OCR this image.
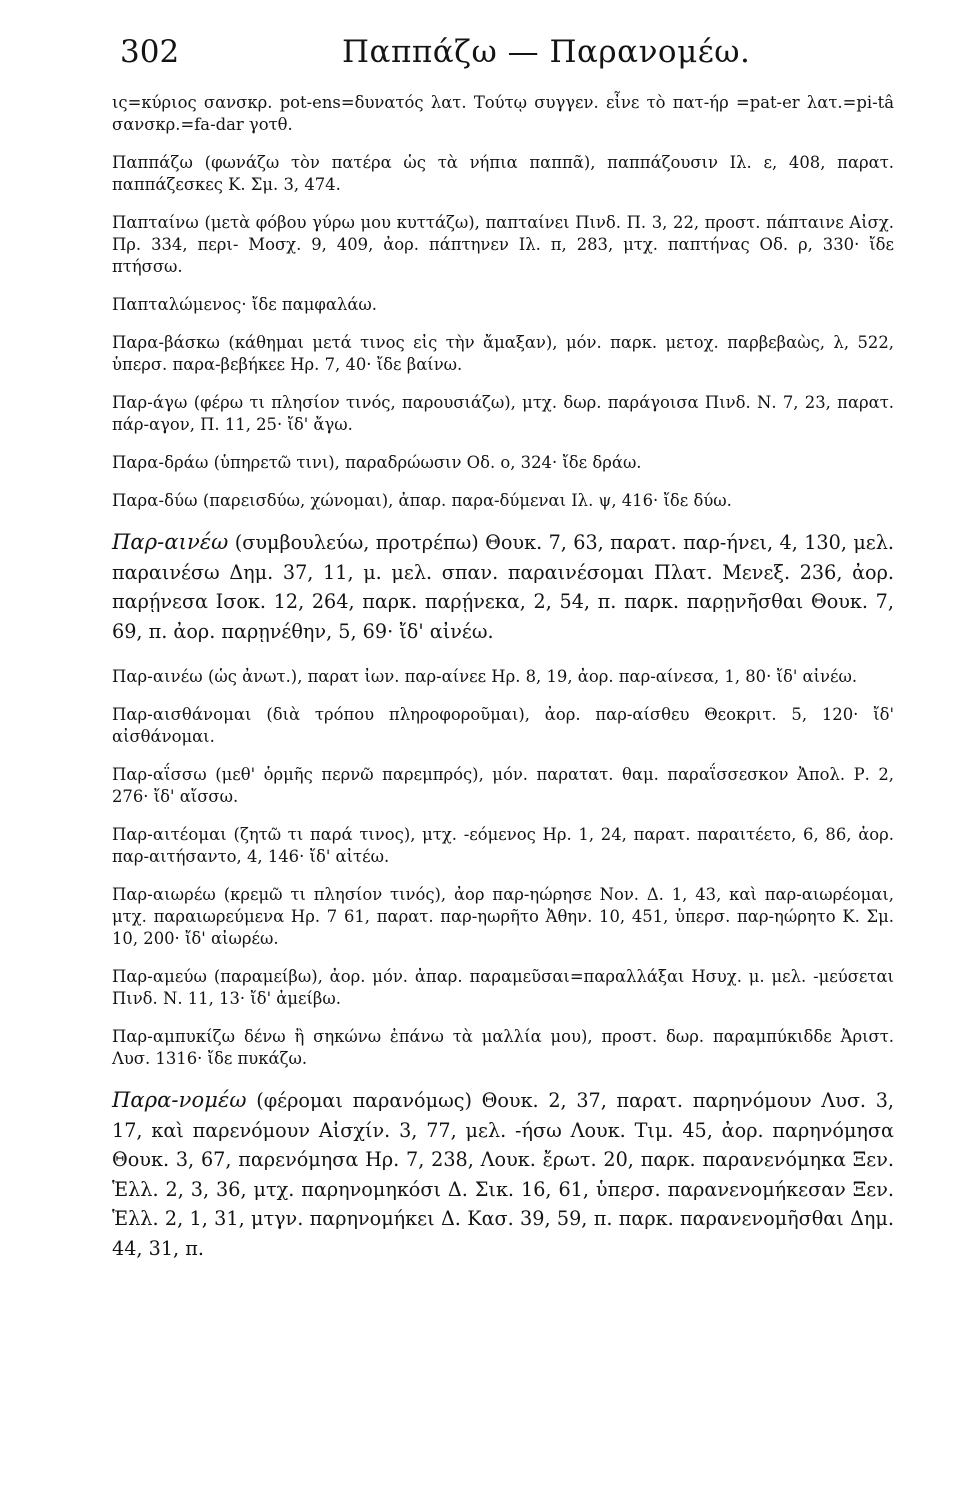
302	Παππάζω — Παρανομέω.

ις=κύριος σανσκρ. pot-ens=δυνατός λατ. Τούτῳ συγγεν. εἶνε τὸ πατ-ήρ =pat-er λατ.=pi-tâ σανσκρ.=fa-dar γοτθ.

Παππάζω (φωνάζω τὸν πατέρα ὡς τὰ νήπια παππᾶ), παππάζουσιν Ιλ. ε, 408, παρατ. παππάζεσκες Κ. Σμ. 3, 474.

Παπταίνω (μετὰ φόβου γύρω μου κυττάζω), παπταίνει Πινδ. Π. 3, 22, προστ. πάπταινε Αἰσχ. Πρ. 334, περι- Μοσχ. 9, 409, ἀορ. πάπτηνεν Ιλ. π, 283, μτχ. παπτήνας Οδ. ρ, 330· ἴδε πτήσσω.

Παπταλώμενος· ἴδε παμφαλάω.

Παρα-βάσκω (κάθημαι μετά τινος εἰς τὴν ἄμαξαν), μόν. παρκ. μετοχ. παρβεβαὼς, λ, 522, ὑπερσ. παρα-βεβήκεε Ηρ. 7, 40· ἴδε βαίνω.

Παρ-άγω (φέρω τι πλησίον τινός, παρουσιάζω), μτχ. δωρ. παράγοισα Πινδ. Ν. 7, 23, παρατ. πάρ-αγον, Π. 11, 25· ἴδ' ἄγω.

Παρα-δράω (ὑπηρετῶ τινι), παραδρώωσιν Οδ. ο, 324· ἴδε δράω.

Παρα-δύω (παρεισδύω, χώνομαι), ἀπαρ. παρα-δύμεναι Ιλ. ψ, 416· ἴδε δύω.

Παρ-αινέω (συμβουλεύω, προτρέπω) Θουκ. 7, 63, παρατ. παρ-ήνει, 4, 130, μελ. παραινέσω Δημ. 37, 11, μ. μελ. σπαν. παραινέσομαι Πλατ. Μενεξ. 236, ἀορ. παρῄνεσα Ισοκ. 12, 264, παρκ. παρῄνεκα, 2, 54, π. παρκ. παρῃνῆσθαι Θουκ. 7, 69, π. ἀορ. παρῃνέθην, 5, 69· ἴδ' αἰνέω.

Παρ-αινέω (ὡς ἀνωτ.), παρατ ἰων. παρ-αίνεε Ηρ. 8, 19, ἀορ. παρ-αίνεσα, 1, 80· ἴδ' αἰνέω.

Παρ-αισθάνομαι (διὰ τρόπου πληροφοροῦμαι), ἀορ. παρ-αίσθευ Θεοκριτ. 5, 120· ἴδ' αἰσθάνομαι.

Παρ-αΐσσω (μεθ' ὁρμῆς περνῶ παρεμπρός), μόν. παρατατ. θαμ. παραΐσσεσκον Ἀπολ. Ρ. 2, 276· ἴδ' αἴσσω.

Παρ-αιτέομαι (ζητῶ τι παρά τινος), μτχ. -εόμενος Ηρ. 1, 24, παρατ. παραιτέετο, 6, 86, ἀορ. παρ-αιτήσαντο, 4, 146· ἴδ' αἰτέω.

Παρ-αιωρέω (κρεμῶ τι πλησίον τινός), ἀορ παρ-ηώρησε Νον. Δ. 1, 43, καὶ παρ-αιωρέομαι, μτχ. παραιωρεύμενα Ηρ. 7 61, παρατ. παρ-ηωρῆτο Ἀθην. 10, 451, ὑπερσ. παρ-ηώρητο Κ. Σμ. 10, 200· ἴδ' αἰωρέω.

Παρ-αμεύω (παραμείβω), ἀορ. μόν. ἀπαρ. παραμεῦσαι=παραλλάξαι Ησυχ. μ. μελ. -μεύσεται Πινδ. Ν. 11, 13· ἴδ' ἀμείβω.

Παρ-αμπυκίζω δένω ἢ σηκώνω ἐπάνω τὰ μαλλία μου), προστ. δωρ. παραμπύκιδδε Ἀριστ. Λυσ. 1316· ἴδε πυκάζω.

Παρα-νομέω (φέρομαι παρανόμως) Θουκ. 2, 37, παρατ. παρηνόμουν Λυσ. 3, 17, καὶ παρενόμουν Αἰσχίν. 3, 77, μελ. -ήσω Λουκ. Τιμ. 45, ἀορ. παρηνόμησα Θουκ. 3, 67, παρενόμησα Ηρ. 7, 238, Λουκ. ἔρωτ. 20, παρκ. παρανενόμηκα Ξεν. Ἑλλ. 2, 3, 36, μτχ. παρηνομηκόσι Δ. Σικ. 16, 61, ὑπερσ. παρανενομήκεσαν Ξεν. Ἑλλ. 2, 1, 31, μτγν. παρηνομήκει Δ. Κασ. 39, 59, π. παρκ. παρανενομῆσθαι Δημ. 44, 31, π.
